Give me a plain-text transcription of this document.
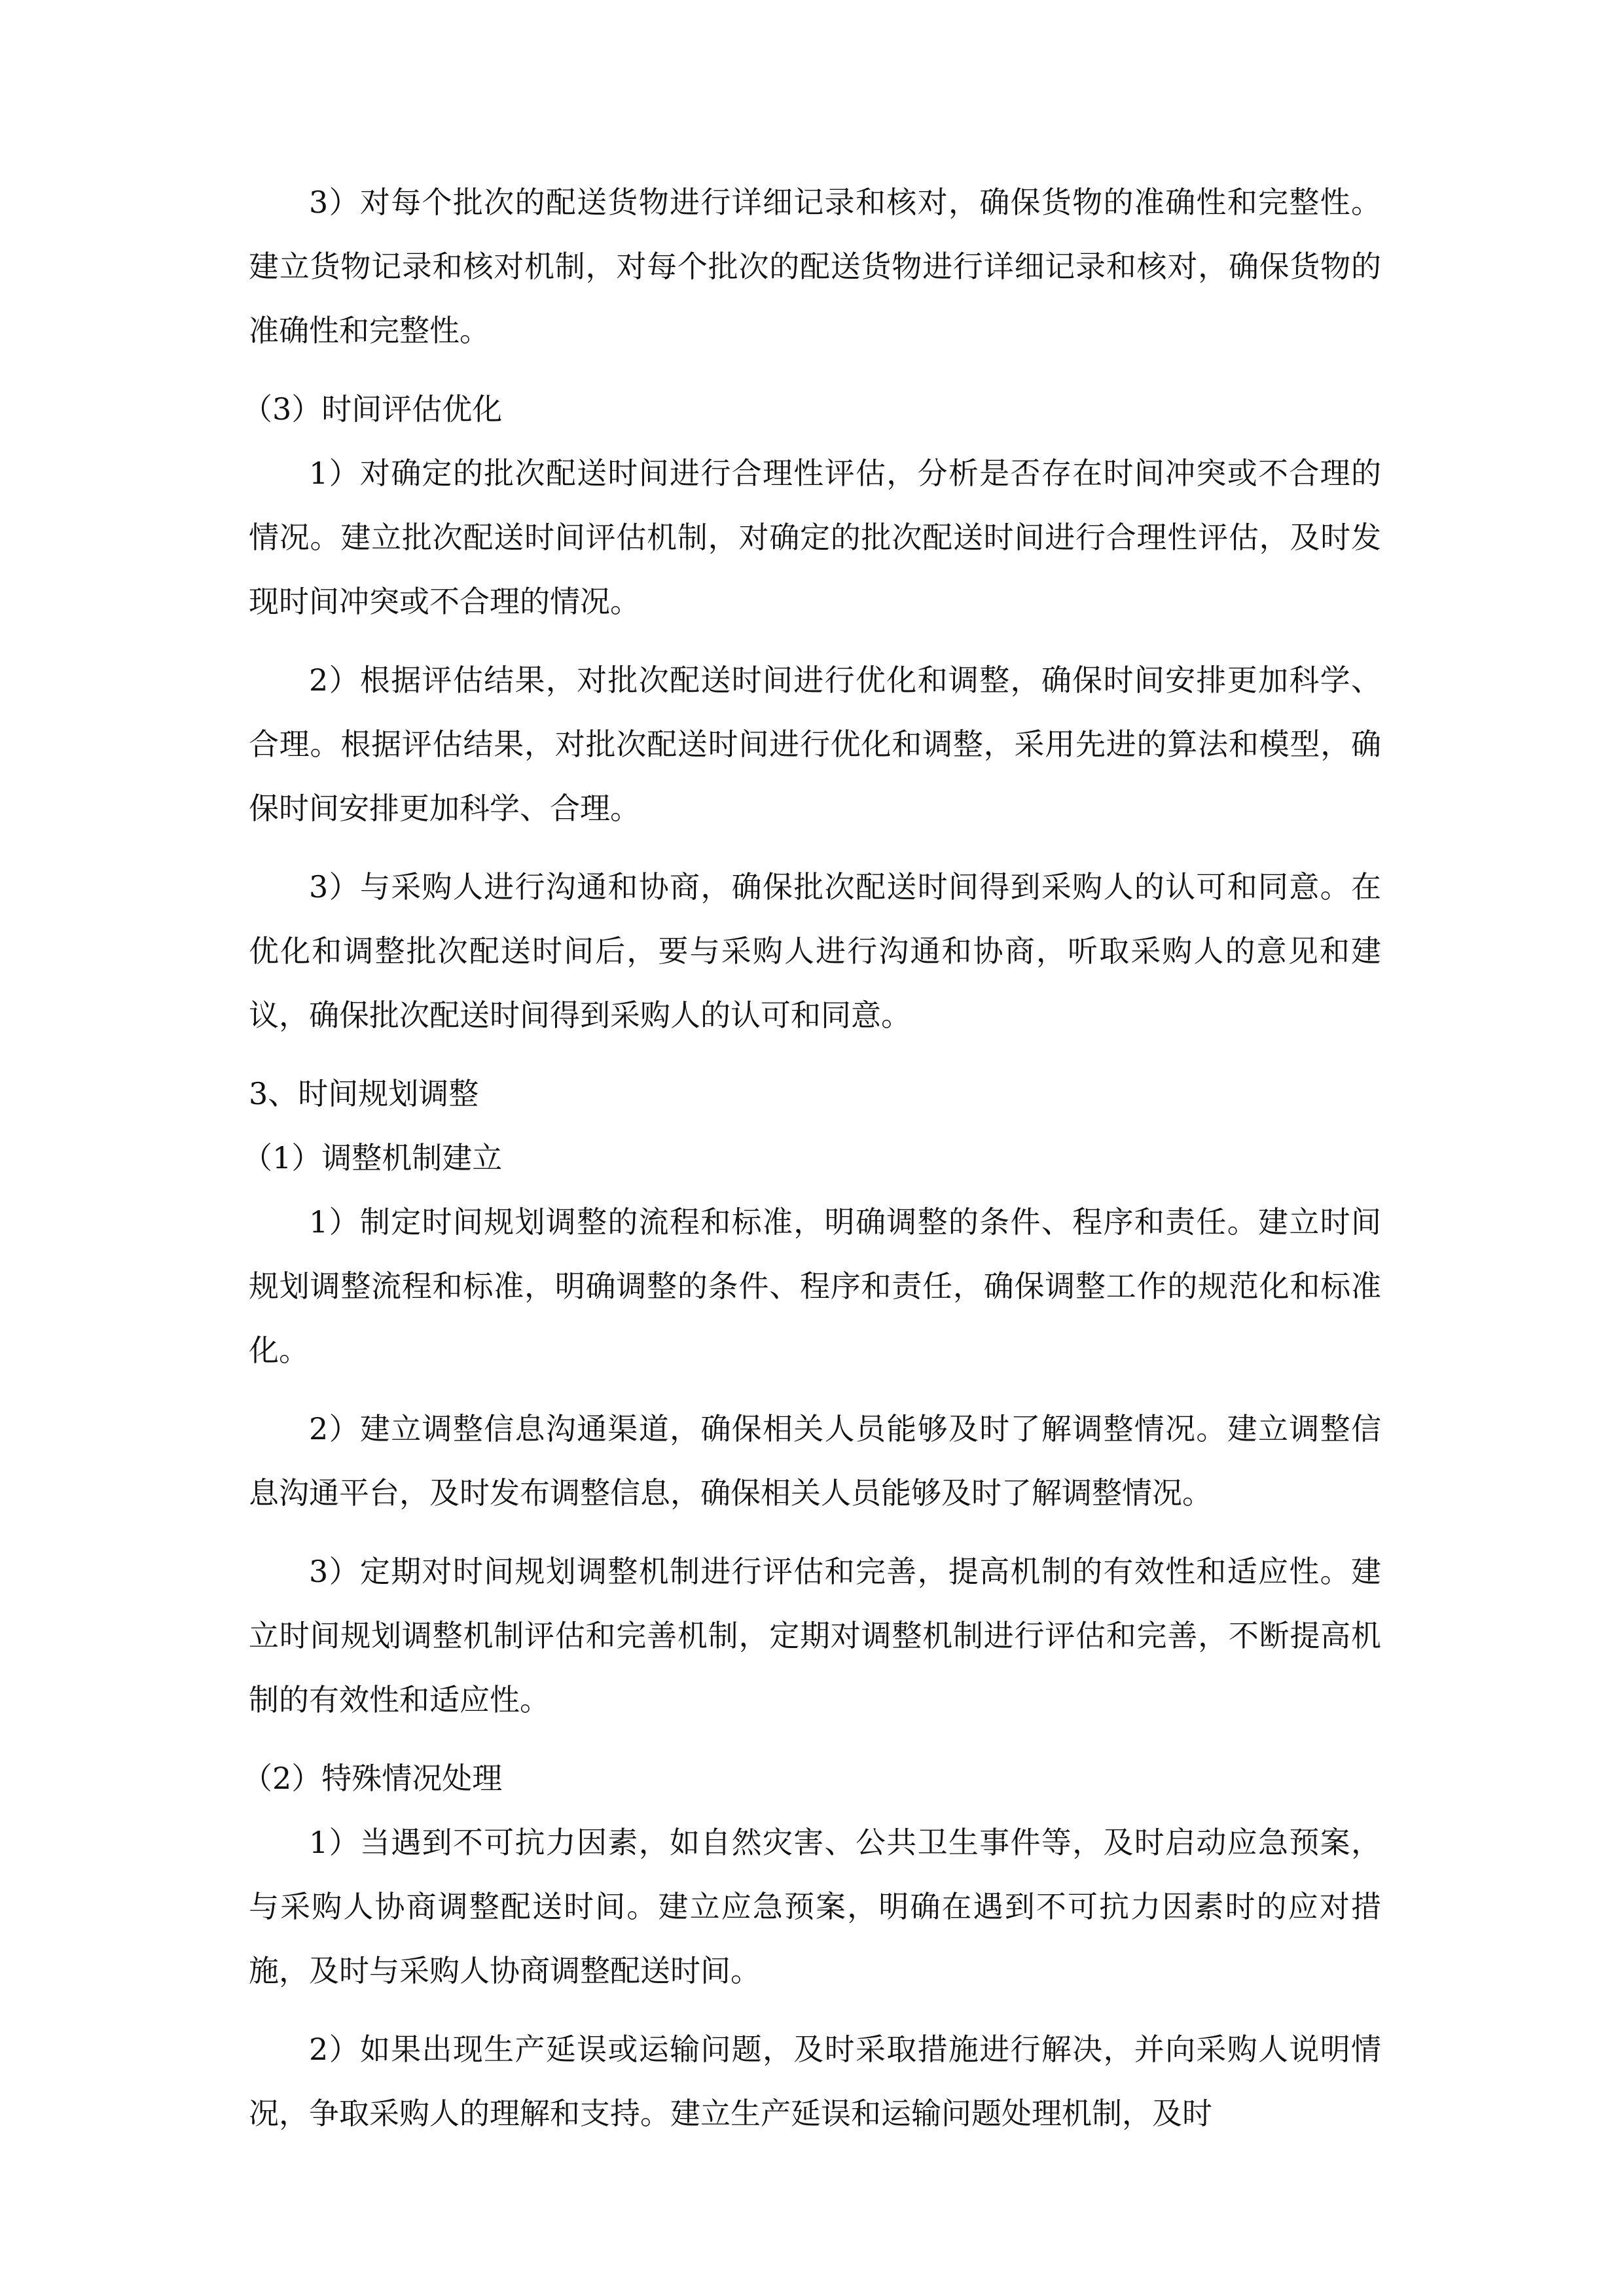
3）对每个批次的配送货物进行详细记录和核对，确保货物的准确性和完整性。建立货物记录和核对机制，对每个批次的配送货物进行详细记录和核对，确保货物的准确性和完整性。

（3）时间评估优化

1）对确定的批次配送时间进行合理性评估，分析是否存在时间冲突或不合理的情况。建立批次配送时间评估机制，对确定的批次配送时间进行合理性评估，及时发现时间冲突或不合理的情况。

2）根据评估结果，对批次配送时间进行优化和调整，确保时间安排更加科学、合理。根据评估结果，对批次配送时间进行优化和调整，采用先进的算法和模型，确保时间安排更加科学、合理。

3）与采购人进行沟通和协商，确保批次配送时间得到采购人的认可和同意。在优化和调整批次配送时间后，要与采购人进行沟通和协商，听取采购人的意见和建议，确保批次配送时间得到采购人的认可和同意。

3、时间规划调整

（1）调整机制建立

1）制定时间规划调整的流程和标准，明确调整的条件、程序和责任。建立时间规划调整流程和标准，明确调整的条件、程序和责任，确保调整工作的规范化和标准化。

2）建立调整信息沟通渠道，确保相关人员能够及时了解调整情况。建立调整信息沟通平台，及时发布调整信息，确保相关人员能够及时了解调整情况。

3）定期对时间规划调整机制进行评估和完善，提高机制的有效性和适应性。建立时间规划调整机制评估和完善机制，定期对调整机制进行评估和完善，不断提高机制的有效性和适应性。

（2）特殊情况处理

1）当遇到不可抗力因素，如自然灾害、公共卫生事件等，及时启动应急预案，与采购人协商调整配送时间。建立应急预案，明确在遇到不可抗力因素时的应对措施，及时与采购人协商调整配送时间。

2）如果出现生产延误或运输问题，及时采取措施进行解决，并向采购人说明情况，争取采购人的理解和支持。建立生产延误和运输问题处理机制，及时
